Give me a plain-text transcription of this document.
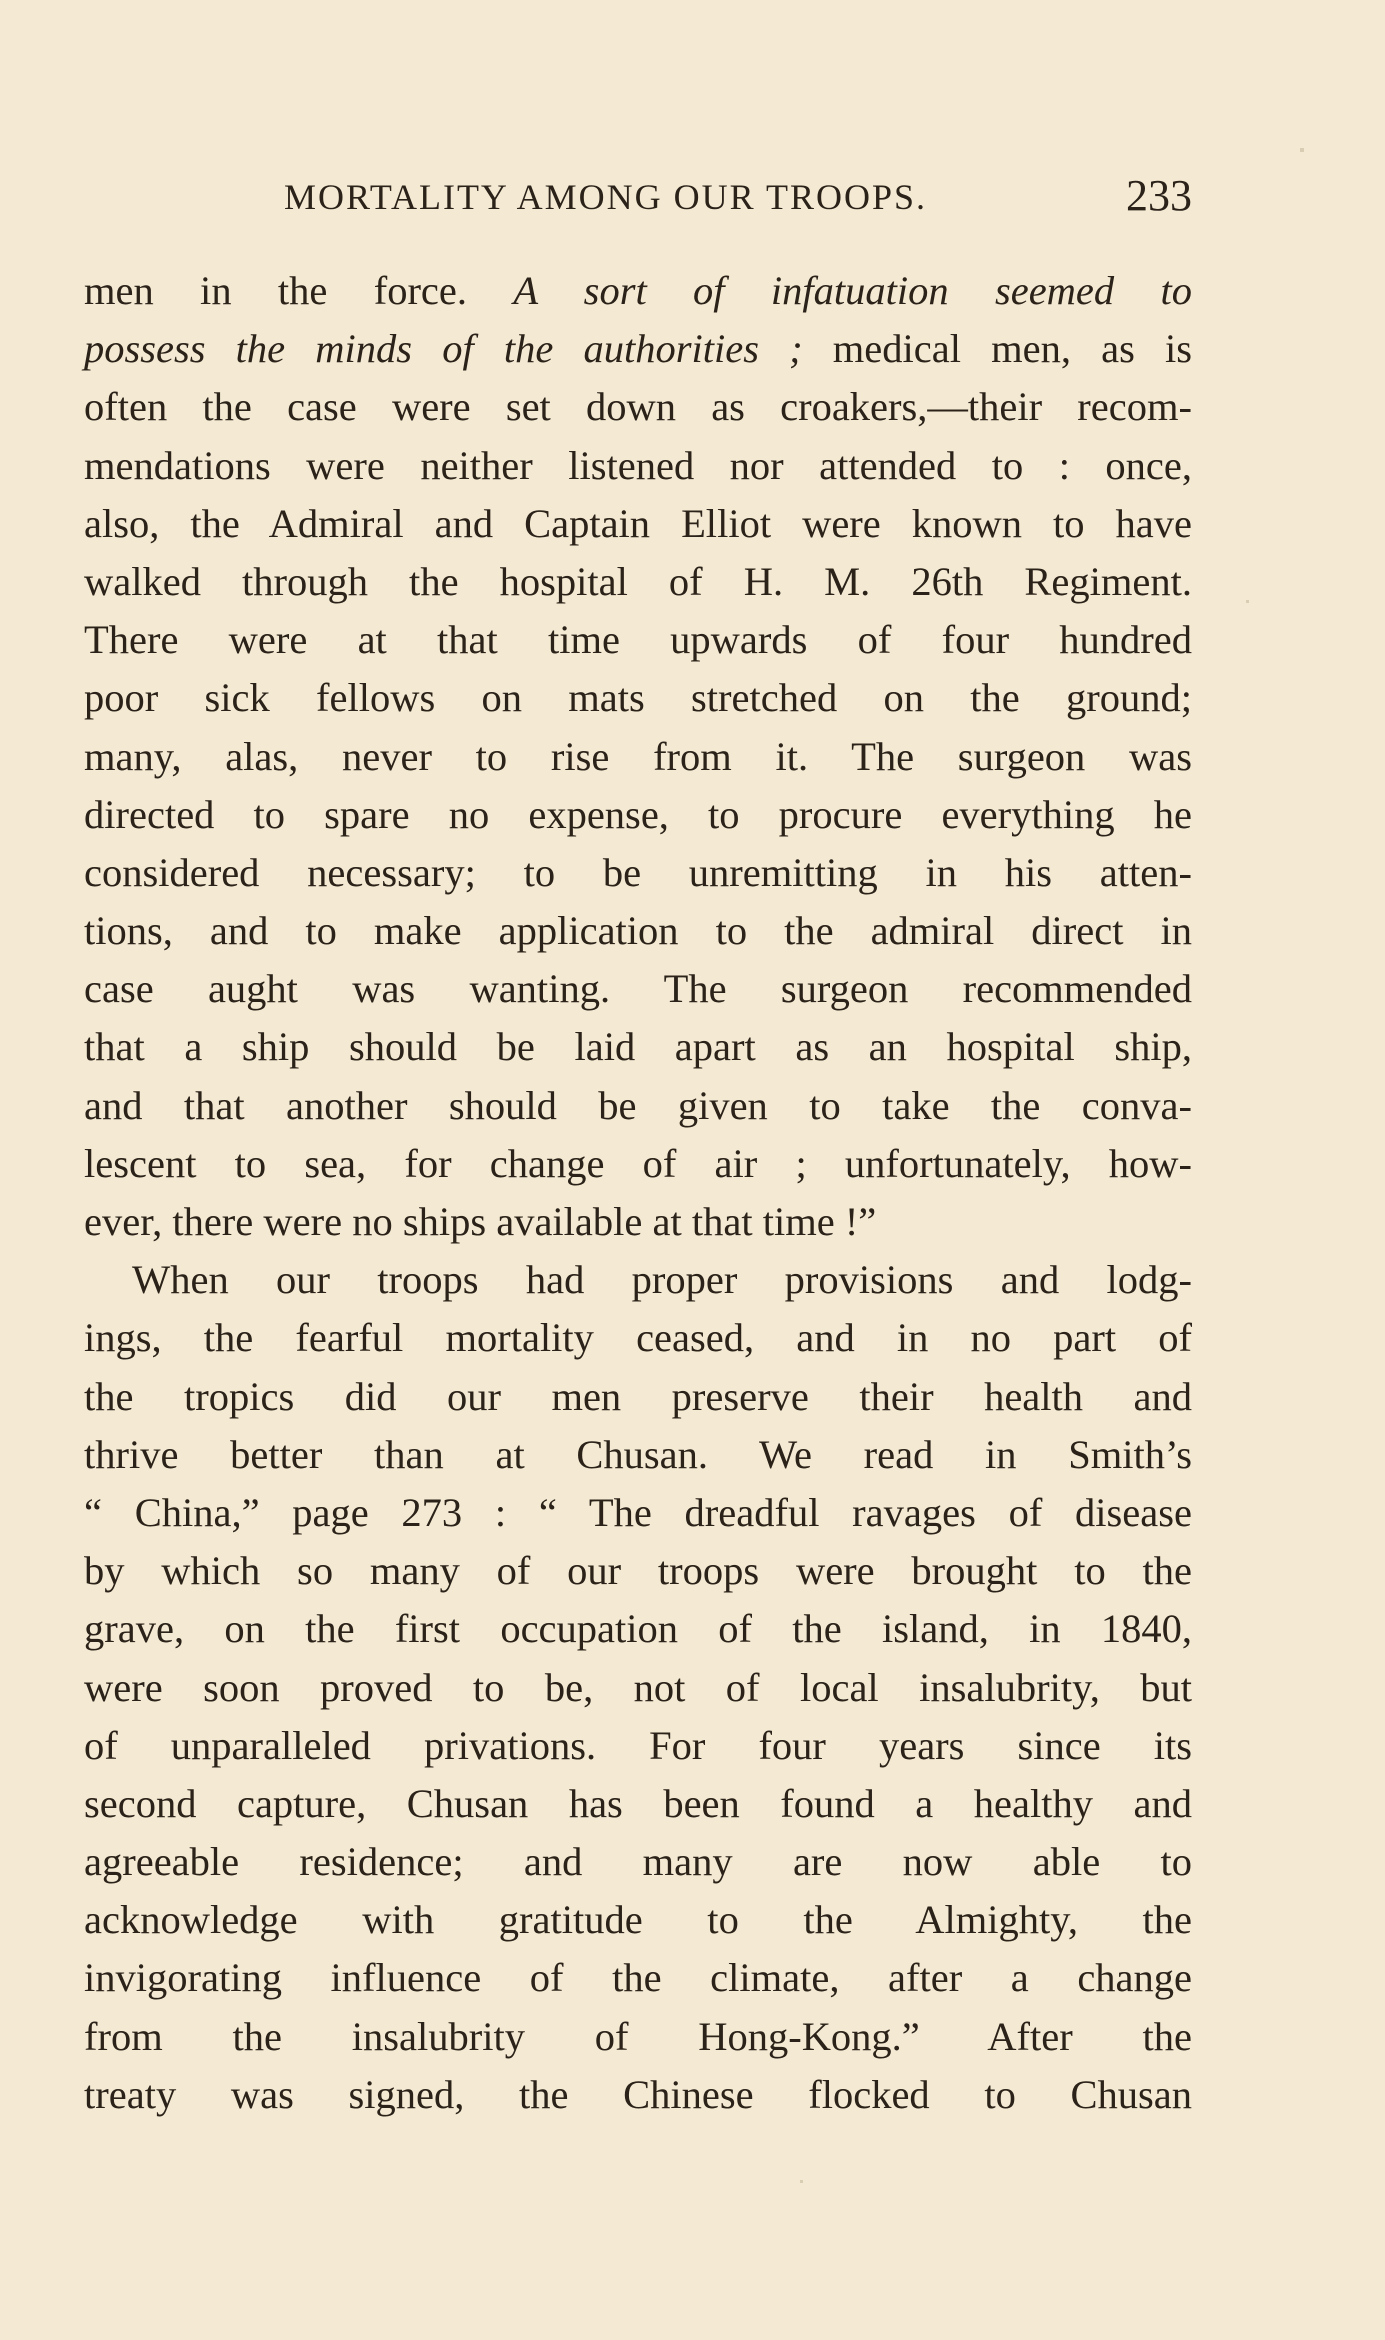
MORTALITY AMONG OUR TROOPS.	233
men in the force. A sort of infatuation seemed to
possess the minds of the authorities ; medical men, as is
often the case were set down as croakers,—their recom-
mendations were neither listened nor attended to : once,
also, the Admiral and Captain Elliot were known to have
walked through the hospital of H. M. 26th Regiment.
There were at that time upwards of four hundred
poor sick fellows on mats stretched on the ground;
many, alas, never to rise from it. The surgeon was
directed to spare no expense, to procure everything he
considered necessary; to be unremitting in his atten-
tions, and to make application to the admiral direct in
case aught was wanting. The surgeon recommended
that a ship should be laid apart as an hospital ship,
and that another should be given to take the conva-
lescent to sea, for change of air ; unfortunately, how-
ever, there were no ships available at that time !”
When our troops had proper provisions and lodg-
ings, the fearful mortality ceased, and in no part of
the tropics did our men preserve their health and
thrive better than at Chusan. We read in Smith’s
“ China,” page 273 : “ The dreadful ravages of disease
by which so many of our troops were brought to the
grave, on the first occupation of the island, in 1840,
were soon proved to be, not of local insalubrity, but
of unparalleled privations. For four years since its
second capture, Chusan has been found a healthy and
agreeable residence; and many are now able to
acknowledge with gratitude to the Almighty, the
invigorating influence of the climate, after a change
from the insalubrity of Hong-Kong.” After the
treaty was signed, the Chinese flocked to Chusan
